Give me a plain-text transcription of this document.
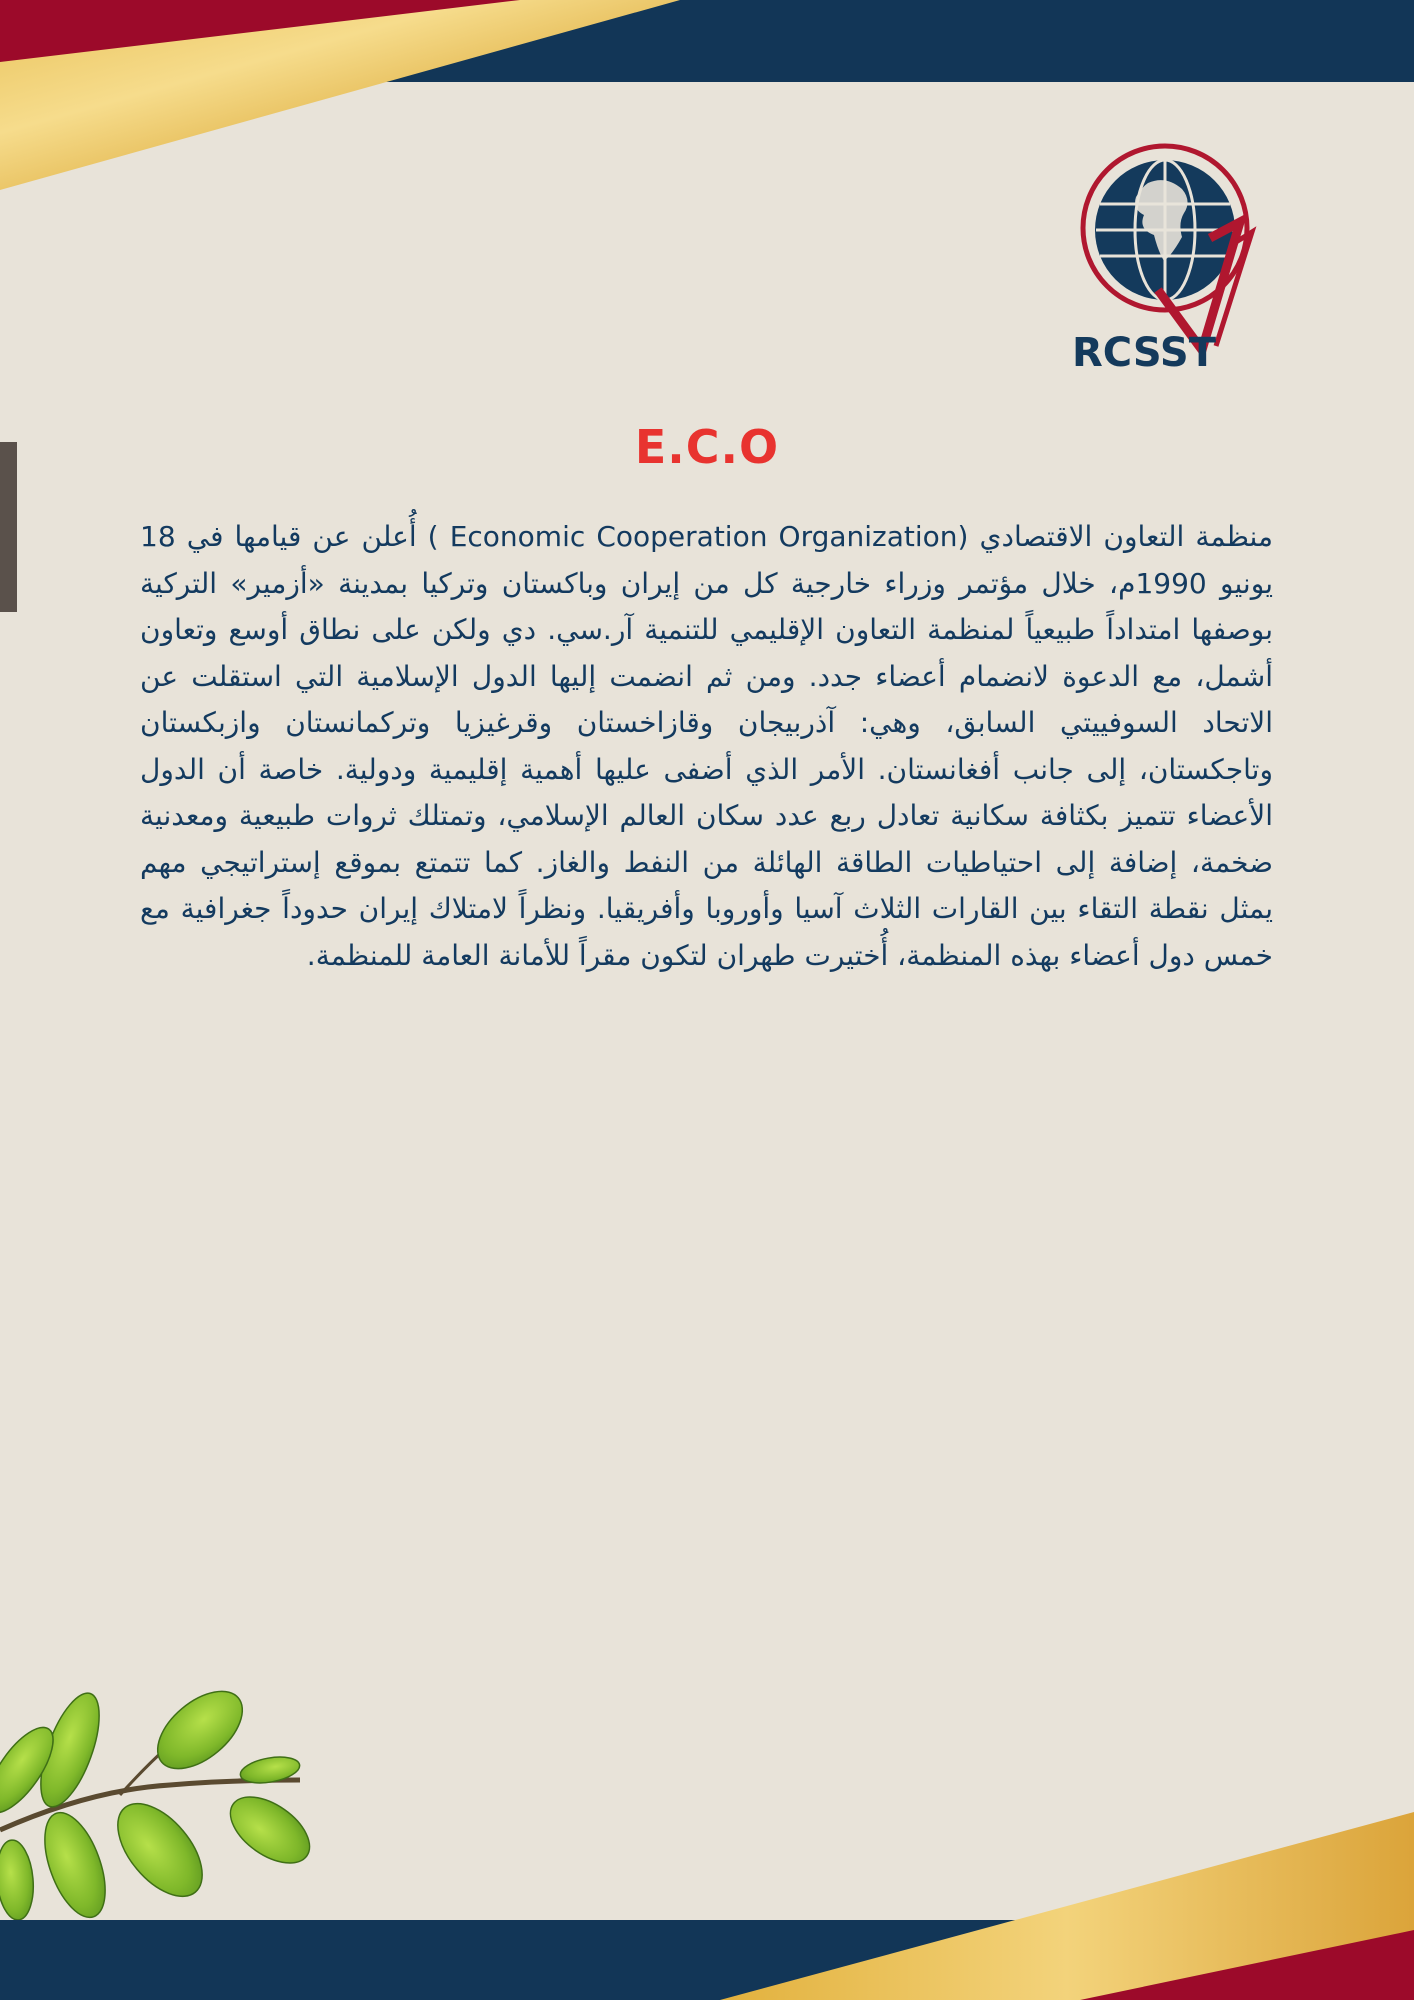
RCSST
E.C.O

منظمة التعاون الاقتصادي (Economic Cooperation Organization ) أُعلن عن قيامها في 18 يونيو 1990م، خلال مؤتمر وزراء خارجية كل من إيران وباكستان وتركيا بمدينة «أزمير» التركية بوصفها امتداداً طبيعياً لمنظمة التعاون الإقليمي للتنمية آر.سي. دي ولكن على نطاق أوسع وتعاون أشمل، مع الدعوة لانضمام أعضاء جدد. ومن ثم انضمت إليها الدول الإسلامية التي استقلت عن الاتحاد السوفييتي السابق، وهي: آذربيجان وقازاخستان وقرغيزيا وتركمانستان وازبكستان وتاجكستان، إلى جانب أفغانستان. الأمر الذي أضفى عليها أهمية إقليمية ودولية. خاصة أن الدول الأعضاء تتميز بكثافة سكانية تعادل ربع عدد سكان العالم الإسلامي، وتمتلك ثروات طبيعية ومعدنية ضخمة، إضافة إلى احتياطيات الطاقة الهائلة من النفط والغاز. كما تتمتع بموقع إستراتيجي مهم يمثل نقطة التقاء بين القارات الثلاث آسيا وأوروبا وأفريقيا. ونظراً لامتلاك إيران حدوداً جغرافية مع خمس دول أعضاء بهذه المنظمة، أُختيرت طهران لتكون مقراً للأمانة العامة للمنظمة.
